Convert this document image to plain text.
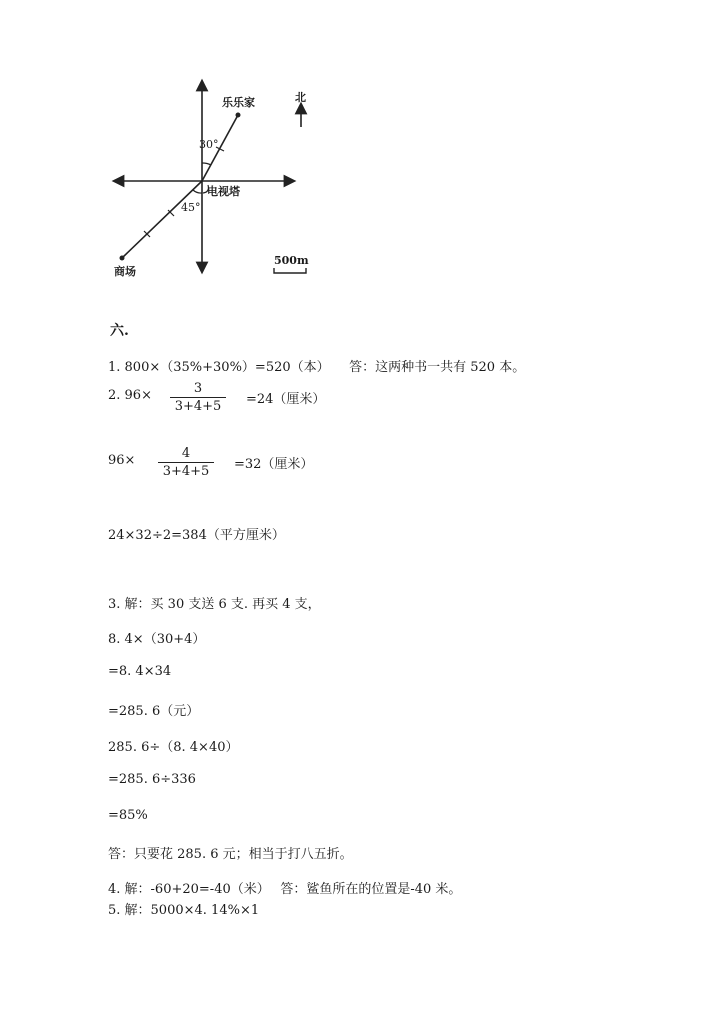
北
乐乐家
30°
电视塔
45°
商场
500m
六.
1. 800×（35%+30%）=520（本）　　答：这两种书一共有 520 本。
2. 96×	3
3+4+5	=24（厘米）
96×	4
3+4+5	=32（厘米）
24×32÷2=384（平方厘米）
3. 解：买 30 支送 6 支. 再买 4 支，
8. 4×（30+4）
=8. 4×34
=285. 6（元）
285. 6÷（8. 4×40）
=285. 6÷336
=85%
答：只要花 285. 6 元；相当于打八五折。
4. 解：-60+20=-40（米）　 答：鲨鱼所在的位置是-40 米。
5. 解：5000×4. 14%×1
